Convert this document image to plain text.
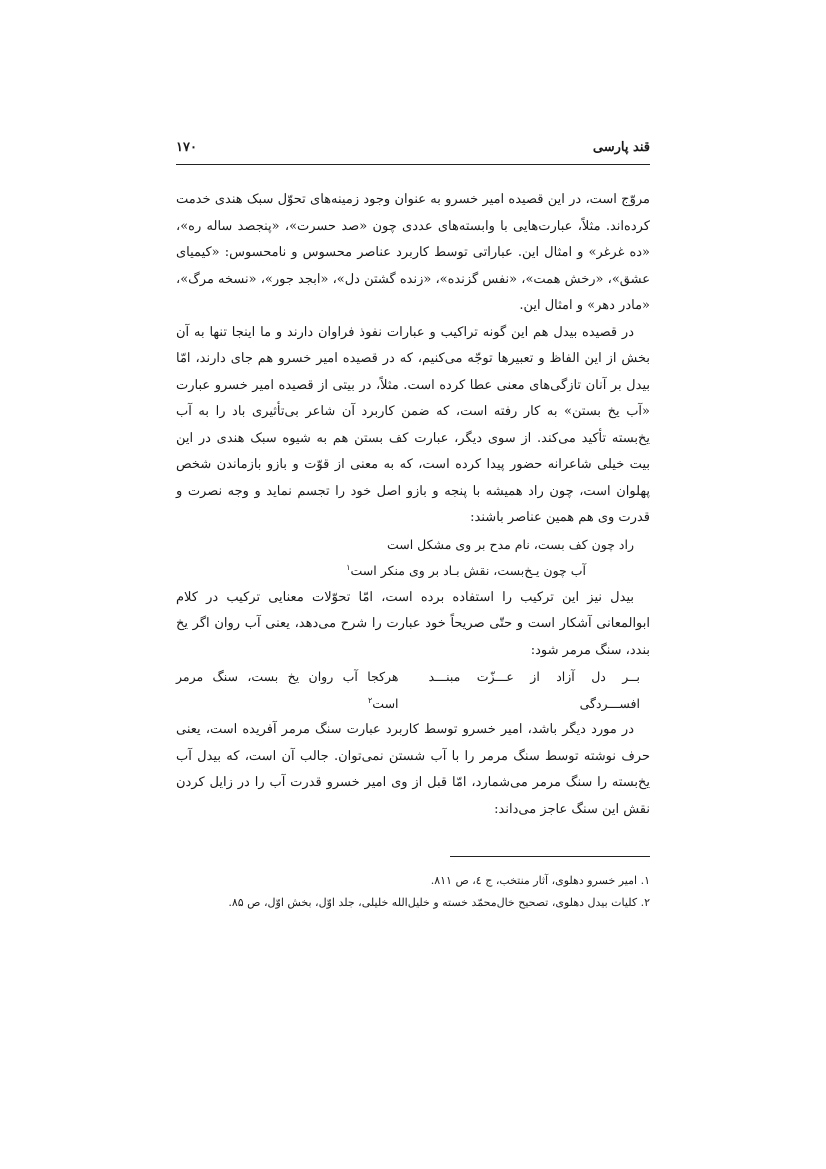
قند پارسی
۱۷۰

مروّج است، در این قصیده امیر خسرو به عنوان وجود زمینه‌های تحوّل سبک هندی خدمت کرده‌اند. مثلاً، عبارت‌هایی با وابسته‌های عددی چون «صد حسرت»، «پنجصد ساله ره»، «ده غرغر» و امثال این. عباراتی توسط کاربرد عناصر محسوس و نامحسوس: «کیمیای عشق»، «رخش همت»، «نفس گزنده»، «زنده گشتن دل»، «ابجد جور»، «نسخه مرگ»، «مادر دهر» و امثال این.

در قصیده بیدل هم این گونه تراکیب و عبارات نفوذ فراوان دارند و ما اینجا تنها به آن بخش از این الفاظ و تعبیرها توجّه می‌کنیم، که در قصیده امیر خسرو هم جای دارند، امّا بیدل بر آنان تازگی‌های معنی عطا کرده است. مثلاً، در بیتی از قصیده امیر خسرو عبارت «آب یخ بستن» به کار رفته است، که ضمن کاربرد آن شاعر بی‌تأثیری باد را به آب یخ‌بسته تأکید می‌کند. از سوی دیگر، عبارت کف بستن هم به شیوه سبک هندی در این بیت خیلی شاعرانه حضور پیدا کرده است، که به معنی از قوّت و بازو بازماندن شخص پهلوان است، چون راد همیشه با پنجه و بازو اصل خود را تجسم نماید و وجه نصرت و قدرت وی هم همین عناصر باشند:

راد چون کف بست، نام مدح بر وی مشکل است

آب چون یـخ‌بست، نقش بـاد بر وی منکر است$^۱$

بیدل نیز این ترکیب را استفاده برده است، امّا تحوّلات معنایی ترکیب در کلام ابوالمعانی آشکار است و حتّی صریحاً خود عبارت را شرح می‌دهد، یعنی آب روان اگر یخ بندد، سنگ مرمر شود:

بــر دل آزاد از عـــزّت مبنـــد افســـردگی
هرکجا آب روان یخ بست، سنگ مرمر است$^۲$

در مورد دیگر باشد، امیر خسرو توسط کاربرد عبارت سنگ مرمر آفریده است، یعنی حرف نوشته توسط سنگ مرمر را با آب شستن نمی‌توان. جالب آن است، که بیدل آب یخ‌بسته را سنگ مرمر می‌شمارد، امّا قبل از وی امیر خسرو قدرت آب را در زایل کردن نقش این سنگ عاجز می‌داند:

۱. امیر خسرو دهلوی، آثار منتخب، ج ٤، ص ۸۱۱.

۲. کلیات بیدل دهلوی، تصحیح خال‌محمّد خسته و خلیل‌الله خلیلی، جلد اوّل، بخش اوّل، ص ۸۵.
